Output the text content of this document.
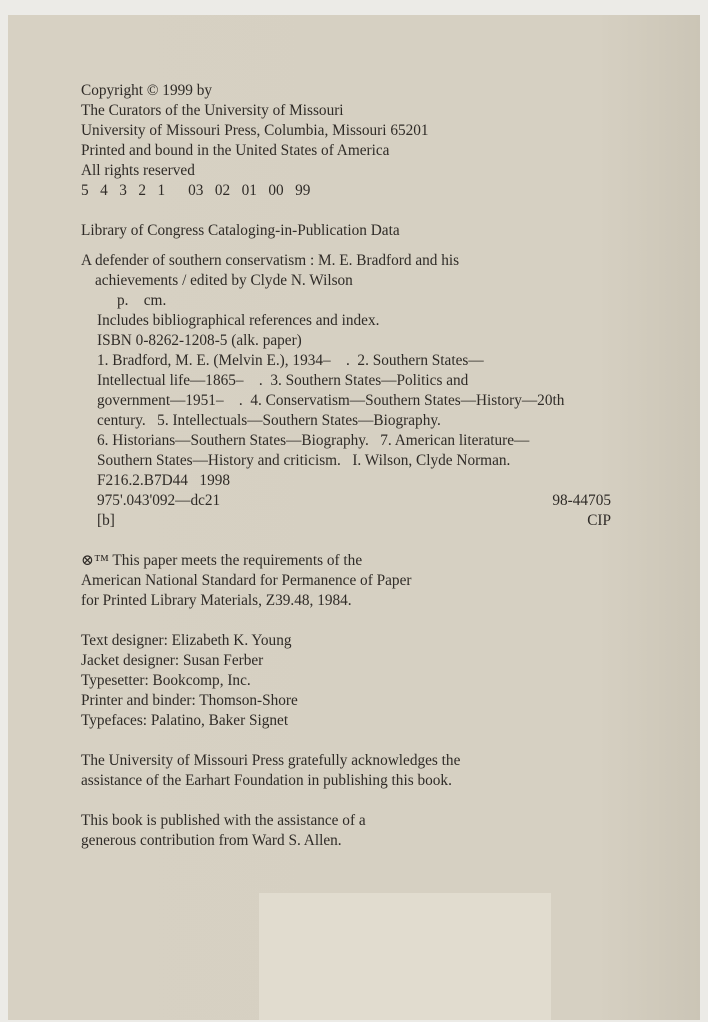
Copyright © 1999 by
The Curators of the University of Missouri
University of Missouri Press, Columbia, Missouri 65201
Printed and bound in the United States of America
All rights reserved
5   4   3   2   1      03   02   01   00   99
Library of Congress Cataloging-in-Publication Data
A defender of southern conservatism : M. E. Bradford and his
achievements / edited by Clyde N. Wilson
p.    cm.
Includes bibliographical references and index.
ISBN 0-8262-1208-5 (alk. paper)
1. Bradford, M. E. (Melvin E.), 1934–    .  2. Southern States—
Intellectual life—1865–    .  3. Southern States—Politics and
government—1951–    .  4. Conservatism—Southern States—History—20th
century.   5. Intellectuals—Southern States—Biography.
6. Historians—Southern States—Biography.   7. American literature—
Southern States—History and criticism.   I. Wilson, Clyde Norman.
F216.2.B7D44   1998
975'.043'092—dc21	98-44705
[b]	CIP
⊗™ This paper meets the requirements of the
American National Standard for Permanence of Paper
for Printed Library Materials, Z39.48, 1984.
Text designer: Elizabeth K. Young
Jacket designer: Susan Ferber
Typesetter: Bookcomp, Inc.
Printer and binder: Thomson-Shore
Typefaces: Palatino, Baker Signet
The University of Missouri Press gratefully acknowledges the
assistance of the Earhart Foundation in publishing this book.
This book is published with the assistance of a
generous contribution from Ward S. Allen.
